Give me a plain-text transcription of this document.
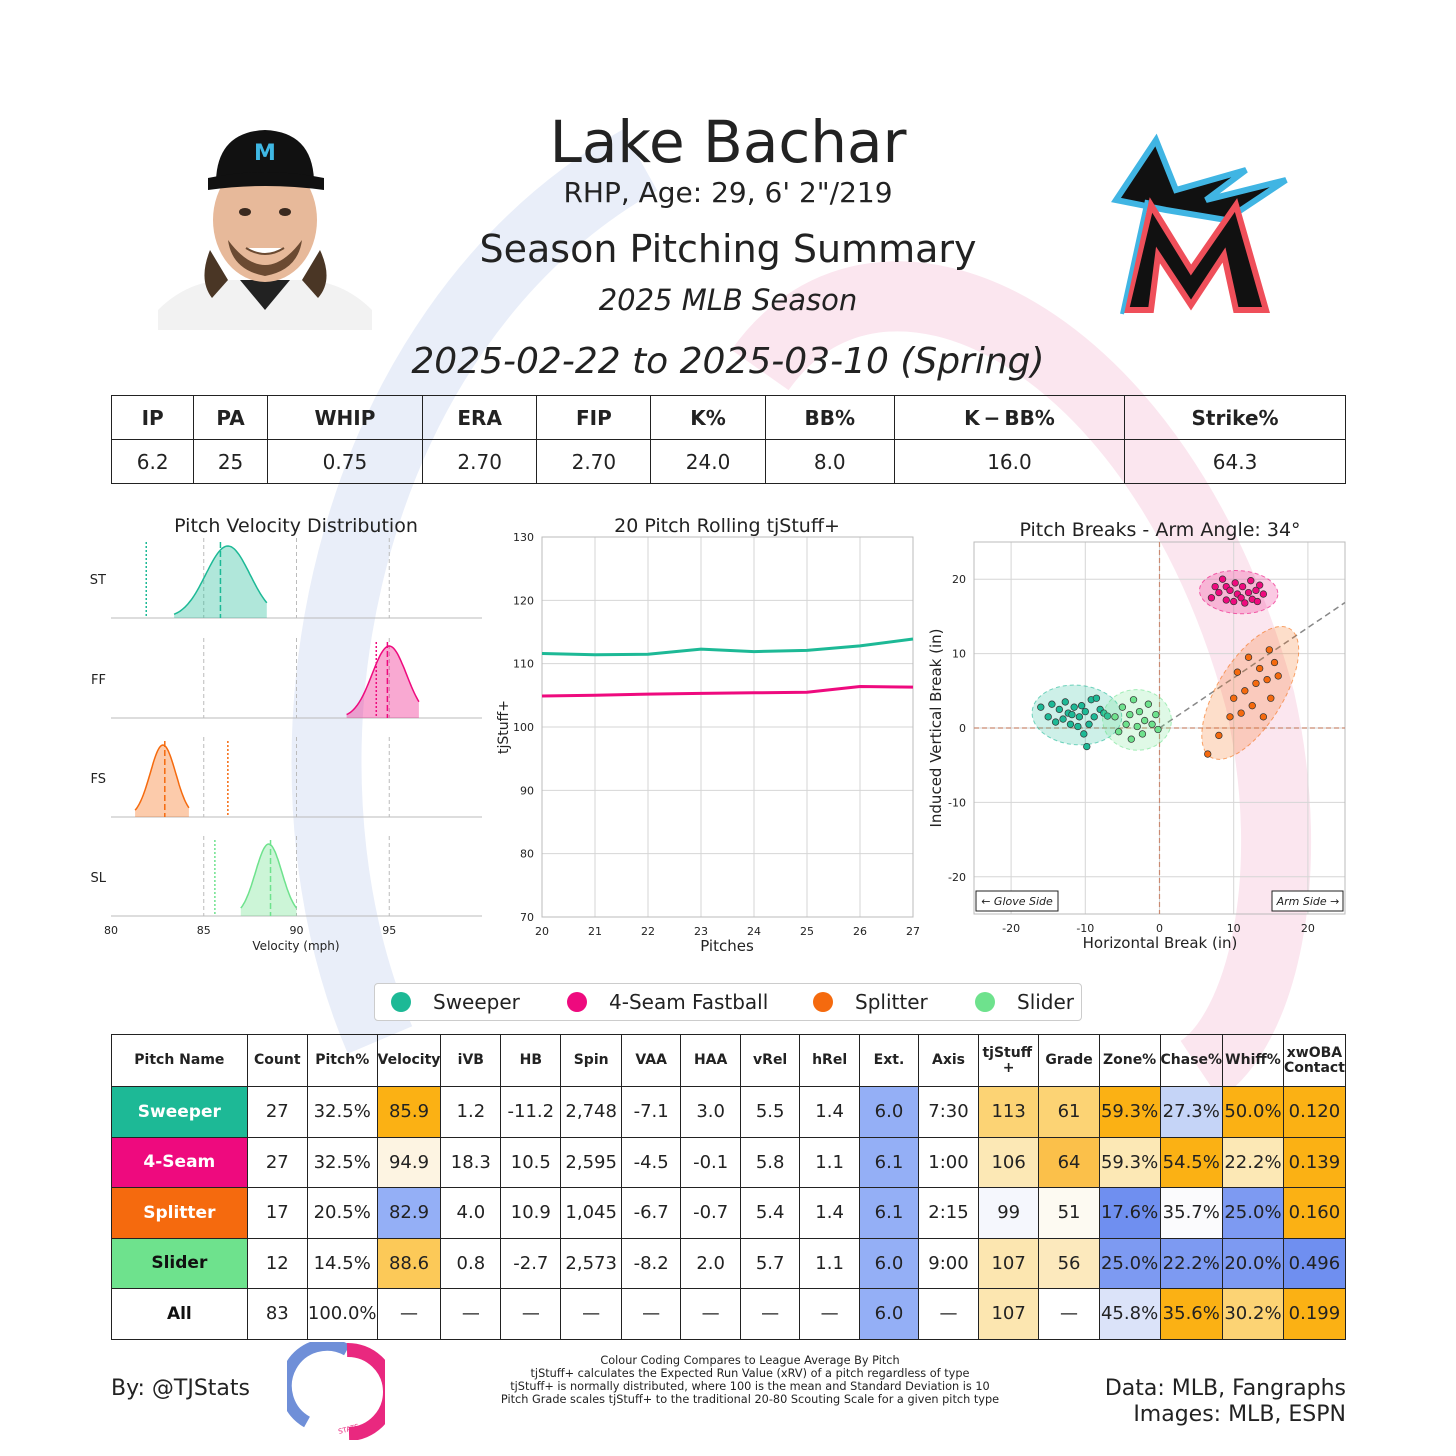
M	Lake Bachar
RHP, Age: 29, 6' 2"/219
Season Pitching Summary
2025 MLB Season
2025-02-22 to 2025-03-10 (Spring)
IP	PA	WHIP	ERA	FIP	K%	BB%	K − BB%	Strike%
6.2	25	0.75	2.70	2.70	24.0	8.0	16.0	64.3
Pitch Velocity Distribution
ST
FF
FS
SL
80	85	90	95
Velocity (mph)
20 Pitch Rolling tjStuff+
20	21	22	23	24	25	26	27
70
80
90
100
110
120
130
Pitches
tjStuff+
Pitch Breaks - Arm Angle: 34°
-20	-10	0	10	20
-20
-10
0
10
20
← Glove Side	Arm Side →
Horizontal Break (in)
Induced Vertical Break (in)
Sweeper	4-Seam Fastball	Splitter	Slider
Pitch Name	Count	Pitch%	Velocity	iVB	HB	Spin	VAA	HAA	vRel	hRel	Ext.	Axis	tjStuff +	Grade	Zone%	Chase%	Whiff%	xwOBA
Contact
Sweeper	27	32.5%	85.9	1.2	-11.2	2,748	-7.1	3.0	5.5	1.4	6.0	7:30	113	61	59.3%	27.3%	50.0%	0.120
4-Seam	27	32.5%	94.9	18.3	10.5	2,595	-4.5	-0.1	5.8	1.1	6.1	1:00	106	64	59.3%	54.5%	22.2%	0.139
Splitter	17	20.5%	82.9	4.0	10.9	1,045	-6.7	-0.7	5.4	1.4	6.1	2:15	99	51	17.6%	35.7%	25.0%	0.160
Slider	12	14.5%	88.6	0.8	-2.7	2,573	-8.2	2.0	5.7	1.1	6.0	9:00	107	56	25.0%	22.2%	20.0%	0.496
All	83	100.0%	—	—	—	—	—	—	—	—	6.0	—	107	—	45.8%	35.6%	30.2%	0.199
By: @TJStats
STATS
Colour Coding Compares to League Average By Pitch
tjStuff+ calculates the Expected Run Value (xRV) of a pitch regardless of type
tjStuff+ is normally distributed, where 100 is the mean and Standard Deviation is 10
Pitch Grade scales tjStuff+ to the traditional 20-80 Scouting Scale for a given pitch type	Data: MLB, Fangraphs
Images: MLB, ESPN
